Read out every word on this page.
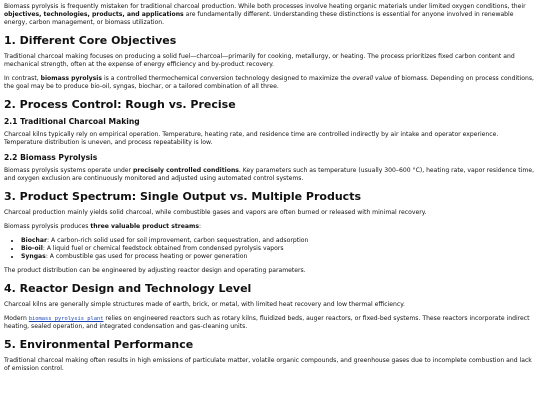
Biomass pyrolysis is frequently mistaken for traditional charcoal production. While both processes involve heating organic materials under limited oxygen conditions, their objectives, technologies, products, and applications are fundamentally different. Understanding these distinctions is essential for anyone involved in renewable energy, carbon management, or biomass utilization.

1. Different Core Objectives

Traditional charcoal making focuses on producing a solid fuel—charcoal—primarily for cooking, metallurgy, or heating. The process prioritizes fixed carbon content and mechanical strength, often at the expense of energy efficiency and by-product recovery.

In contrast, biomass pyrolysis is a controlled thermochemical conversion technology designed to maximize the overall value of biomass. Depending on process conditions, the goal may be to produce bio-oil, syngas, biochar, or a tailored combination of all three.

2. Process Control: Rough vs. Precise
2.1 Traditional Charcoal Making

Charcoal kilns typically rely on empirical operation. Temperature, heating rate, and residence time are controlled indirectly by air intake and operator experience. Temperature distribution is uneven, and process repeatability is low.

2.2 Biomass Pyrolysis

Biomass pyrolysis systems operate under precisely controlled conditions. Key parameters such as temperature (usually 300–600 °C), heating rate, vapor residence time, and oxygen exclusion are continuously monitored and adjusted using automated control systems.

3. Product Spectrum: Single Output vs. Multiple Products

Charcoal production mainly yields solid charcoal, while combustible gases and vapors are often burned or released with minimal recovery.

Biomass pyrolysis produces three valuable product streams:

• Biochar: A carbon-rich solid used for soil improvement, carbon sequestration, and adsorption
• Bio-oil: A liquid fuel or chemical feedstock obtained from condensed pyrolysis vapors
• Syngas: A combustible gas used for process heating or power generation

The product distribution can be engineered by adjusting reactor design and operating parameters.

4. Reactor Design and Technology Level

Charcoal kilns are generally simple structures made of earth, brick, or metal, with limited heat recovery and low thermal efficiency.

Modern biomass pyrolysis plant relies on engineered reactors such as rotary kilns, fluidized beds, auger reactors, or fixed-bed systems. These reactors incorporate indirect heating, sealed operation, and integrated condensation and gas-cleaning units.

5. Environmental Performance

Traditional charcoal making often results in high emissions of particulate matter, volatile organic compounds, and greenhouse gases due to incomplete combustion and lack of emission control.
